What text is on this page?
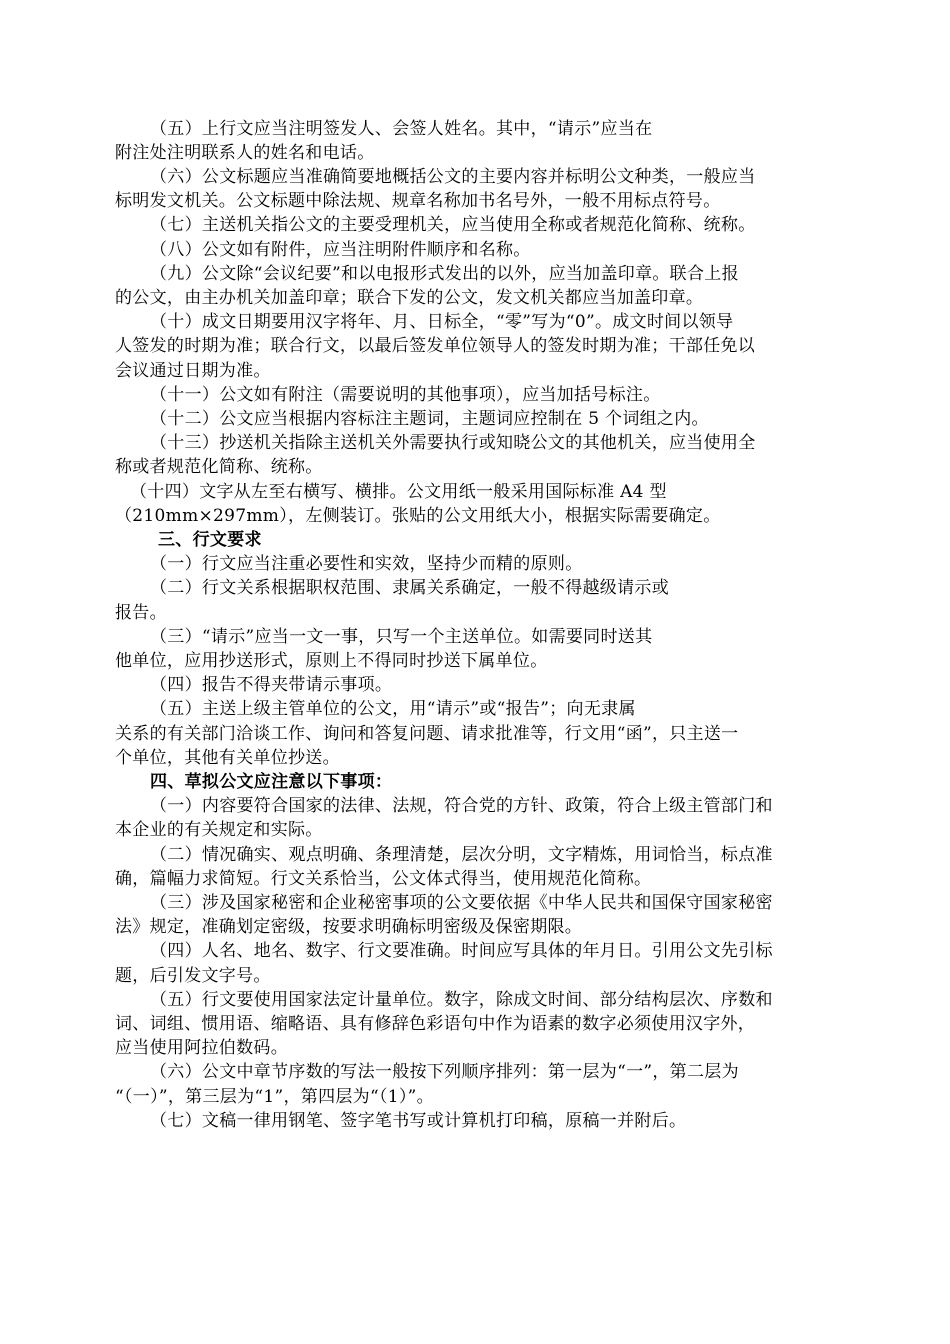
（五）上行文应当注明签发人、会签人姓名。其中，“请示”应当在
附注处注明联系人的姓名和电话。
（六）公文标题应当准确简要地概括公文的主要内容并标明公文种类，一般应当
标明发文机关。公文标题中除法规、规章名称加书名号外，一般不用标点符号。
（七）主送机关指公文的主要受理机关，应当使用全称或者规范化简称、统称。
（八）公文如有附件，应当注明附件顺序和名称。
（九）公文除“会议纪要”和以电报形式发出的以外，应当加盖印章。联合上报
的公文，由主办机关加盖印章；联合下发的公文，发文机关都应当加盖印章。
（十）成文日期要用汉字将年、月、日标全，“零”写为“0”。成文时间以领导
人签发的时期为准；联合行文，以最后签发单位领导人的签发时期为准；干部任免以
会议通过日期为准。
（十一）公文如有附注（需要说明的其他事项），应当加括号标注。
（十二）公文应当根据内容标注主题词，主题词应控制在 5 个词组之内。
（十三）抄送机关指除主送机关外需要执行或知晓公文的其他机关，应当使用全
称或者规范化简称、统称。
（十四）文字从左至右横写、横排。公文用纸一般采用国际标准 A4 型
（210mm×297mm），左侧装订。张贴的公文用纸大小，根据实际需要确定。
三、行文要求
（一）行文应当注重必要性和实效，坚持少而精的原则。
（二）行文关系根据职权范围、隶属关系确定，一般不得越级请示或
报告。
（三）“请示”应当一文一事，只写一个主送单位。如需要同时送其
他单位，应用抄送形式，原则上不得同时抄送下属单位。
（四）报告不得夹带请示事项。
（五）主送上级主管单位的公文，用“请示”或“报告”；向无隶属
关系的有关部门洽谈工作、询问和答复问题、请求批准等，行文用“函”，只主送一
个单位，其他有关单位抄送。
四、草拟公文应注意以下事项：
（一）内容要符合国家的法律、法规，符合党的方针、政策，符合上级主管部门和
本企业的有关规定和实际。
（二）情况确实、观点明确、条理清楚，层次分明，文字精炼，用词恰当，标点准
确，篇幅力求简短。行文关系恰当，公文体式得当，使用规范化简称。
（三）涉及国家秘密和企业秘密事项的公文要依据《中华人民共和国保守国家秘密
法》规定，准确划定密级，按要求明确标明密级及保密期限。
（四）人名、地名、数字、行文要准确。时间应写具体的年月日。引用公文先引标
题，后引发文字号。
（五）行文要使用国家法定计量单位。数字，除成文时间、部分结构层次、序数和
词、词组、惯用语、缩略语、具有修辞色彩语句中作为语素的数字必须使用汉字外，
应当使用阿拉伯数码。
（六）公文中章节序数的写法一般按下列顺序排列：第一层为“一”，第二层为
“（一）”，第三层为“1”，第四层为“（1）”。
（七）文稿一律用钢笔、签字笔书写或计算机打印稿，原稿一并附后。
